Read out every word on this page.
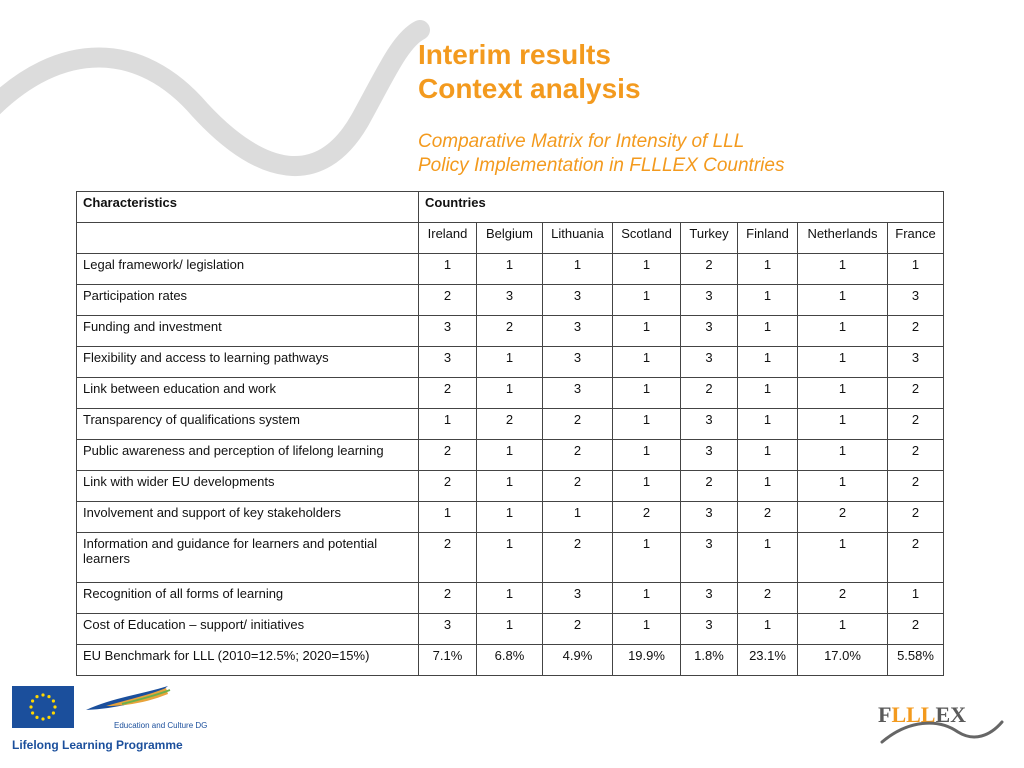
Interim results
Context analysis
Comparative Matrix for Intensity of LLL
Policy Implementation in FLLLEX Countries
Characteristics	Countries							
	Ireland	Belgium	Lithuania	Scotland	Turkey	Finland	Netherlands	France
Legal framework/ legislation	1	1	1	1	2	1	1	1
Participation rates	2	3	3	1	3	1	1	3
Funding and investment	3	2	3	1	3	1	1	2
Flexibility and access to learning pathways	3	1	3	1	3	1	1	3
Link between education and work	2	1	3	1	2	1	1	2
Transparency of qualifications system	1	2	2	1	3	1	1	2
Public awareness and perception of lifelong learning	2	1	2	1	3	1	1	2
Link with wider EU developments	2	1	2	1	2	1	1	2
Involvement and support of key stakeholders	1	1	1	2	3	2	2	2
Information and guidance for learners and potential learners	2	1	2	1	3	1	1	2
Recognition of all forms of learning	2	1	3	1	3	2	2	1
Cost of Education – support/ initiatives	3	1	2	1	3	1	1	2
EU Benchmark for LLL (2010=12.5%; 2020=15%)	7.1%	6.8%	4.9%	19.9%	1.8%	23.1%	17.0%	5.58%
Education and Culture DG
Lifelong Learning Programme
FLLLEX
